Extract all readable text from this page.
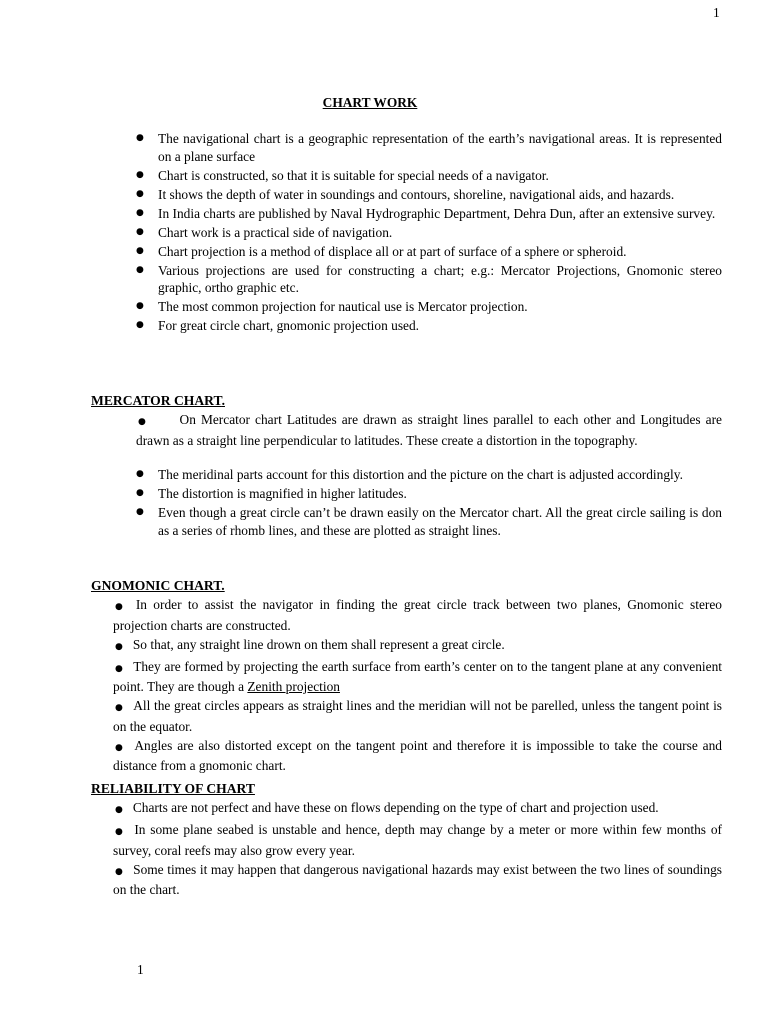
1
CHART WORK
● The navigational chart is a geographic representation of the earth’s navigational areas. It is represented on a plane surface
● Chart is constructed, so that it is suitable for special needs of a navigator.
● It shows the depth of water in soundings and contours, shoreline, navigational aids, and hazards.
● In India charts are published by Naval Hydrographic Department, Dehra Dun, after an extensive survey.
● Chart work is a practical side of navigation.
● Chart projection is a method of displace all or at part of surface of a sphere or spheroid.
● Various projections are used for constructing a chart; e.g.: Mercator Projections, Gnomonic stereo graphic, ortho graphic etc.
● The most common projection for nautical use is Mercator projection.
● For great circle chart, gnomonic projection used.
MERCATOR CHART.
● On Mercator chart Latitudes are drawn as straight lines parallel to each other and Longitudes are drawn as a straight line perpendicular to latitudes. These create a distortion in the topography.
● The meridinal parts account for this distortion and the picture on the chart is adjusted accordingly.
● The distortion is magnified in higher latitudes.
● Even though a great circle can’t be drawn easily on the Mercator chart. All the great circle sailing is don as a series of rhomb lines, and these are plotted as straight lines.
GNOMONIC CHART.
● In order to assist the navigator in finding the great circle track between two planes, Gnomonic stereo projection charts are constructed.
● So that, any straight line drown on them shall represent a great circle.
● They are formed by projecting the earth surface from earth’s center on to the tangent plane at any convenient point. They are though a Zenith projection
● All the great circles appears as straight lines and the meridian will not be parelled, unless the tangent point is on the equator.
● Angles are also distorted except on the tangent point and therefore it is impossible to take the course and distance from a gnomonic chart.
RELIABILITY OF CHART
● Charts are not perfect and have these on flows depending on the type of chart and projection used.
● In some plane seabed is unstable and hence, depth may change by a meter or more within few months of survey, coral reefs may also grow every year.
● Some times it may happen that dangerous navigational hazards may exist between the two lines of soundings on the chart.
1
